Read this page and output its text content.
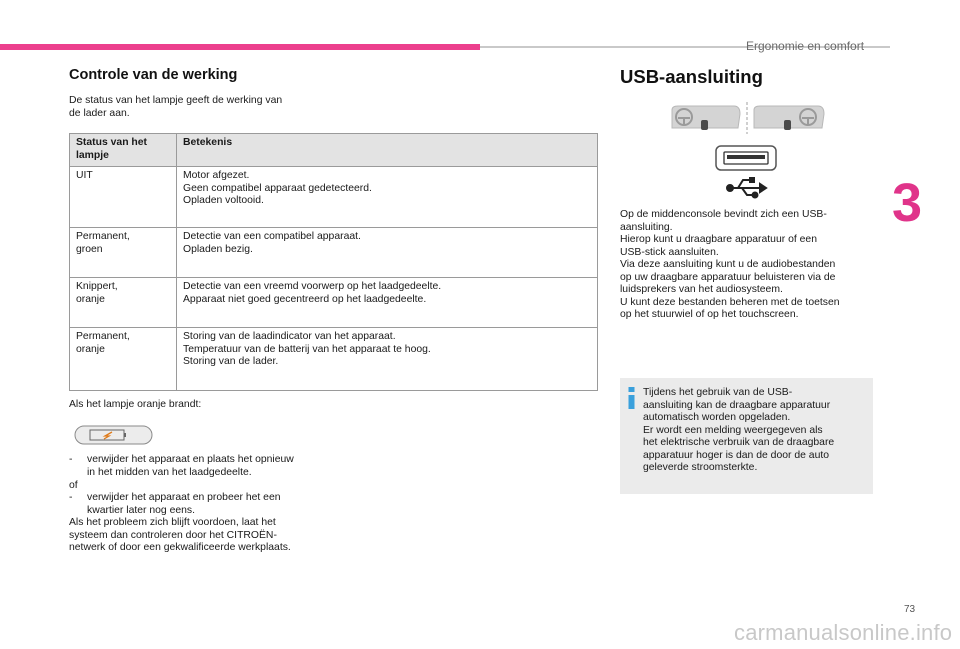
Ergonomie en comfort
3
Controle van de werking
De status van het lampje geeft de werking van
de lader aan.
Status van het
lampje	Betekenis
UIT	Motor afgezet.
Geen compatibel apparaat gedetecteerd.
Opladen voltooid.
Permanent,
groen	Detectie van een compatibel apparaat.
Opladen bezig.
Knippert,
oranje	Detectie van een vreemd voorwerp op het laadgedeelte.
Apparaat niet goed gecentreerd op het laadgedeelte.
Permanent,
oranje	Storing van de laadindicator van het apparaat.
Temperatuur van de batterij van het apparaat te hoog.
Storing van de lader.
Als het lampje oranje brandt:
- verwijder het apparaat en plaats het opnieuw
in het midden van het laadgedeelte.
of
- verwijder het apparaat en probeer het een
kwartier later nog eens.
Als het probleem zich blijft voordoen, laat het
systeem dan controleren door het CITROËN-
netwerk of door een gekwalificeerde werkplaats.
USB-aansluiting
Op de middenconsole bevindt zich een USB-
aansluiting.
Hierop kunt u draagbare apparatuur of een
USB-stick aansluiten.
Via deze aansluiting kunt u de audiobestanden
op uw draagbare apparatuur beluisteren via de
luidsprekers van het audiosysteem.
U kunt deze bestanden beheren met de toetsen
op het stuurwiel of op het touchscreen.
Tijdens het gebruik van de USB-
aansluiting kan de draagbare apparatuur
automatisch worden opgeladen.
Er wordt een melding weergegeven als
het elektrische verbruik van de draagbare
apparatuur hoger is dan de door de auto
geleverde stroomsterkte.
73
carmanualsonline.info
